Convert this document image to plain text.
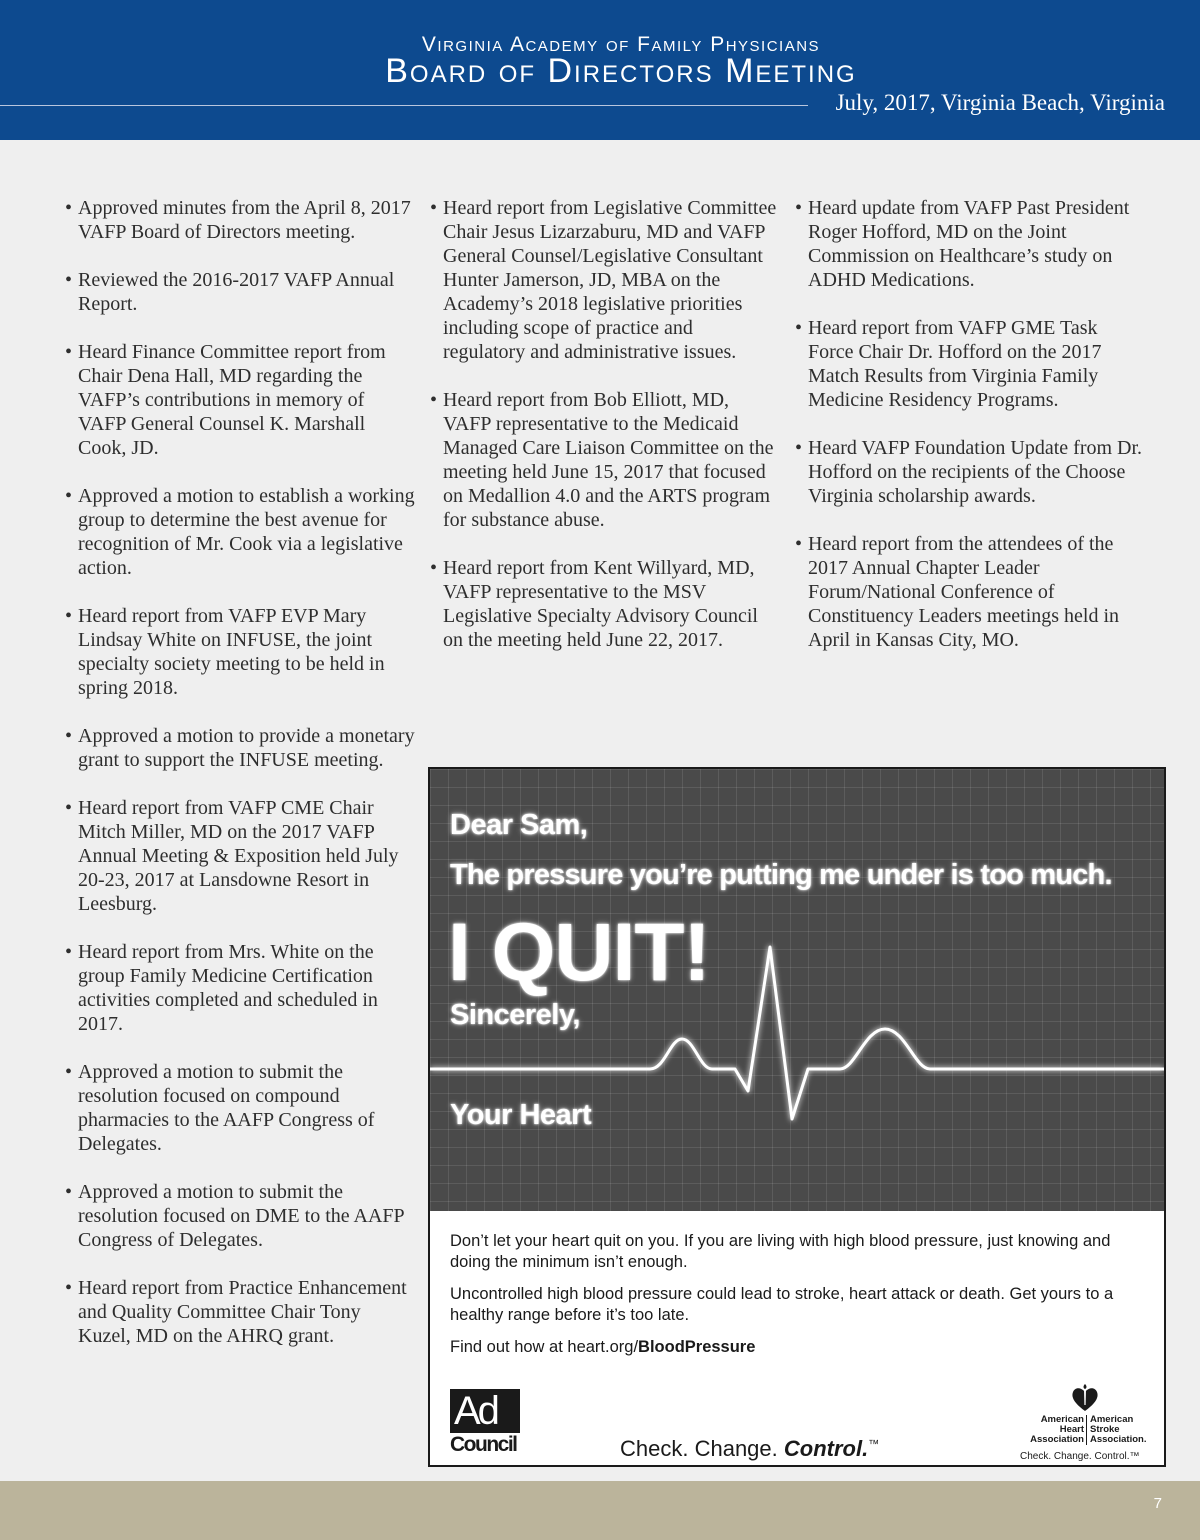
Virginia Academy of Family Physicians
Board of Directors Meeting
July, 2017, Virginia Beach, Virginia
• Approved minutes from the April 8, 2017 VAFP Board of Directors meeting.
• Reviewed the 2016-2017 VAFP Annual Report.
• Heard Finance Committee report from Chair Dena Hall, MD regarding the VAFP’s contributions in memory of VAFP General Counsel K. Marshall Cook, JD.
• Approved a motion to establish a working group to determine the best avenue for recognition of Mr. Cook via a legislative action.
• Heard report from VAFP EVP Mary Lindsay White on INFUSE, the joint specialty society meeting to be held in spring 2018.
• Approved a motion to provide a monetary grant to support the INFUSE meeting.
• Heard report from VAFP CME Chair Mitch Miller, MD on the 2017 VAFP Annual Meeting & Exposition held July 20-23, 2017 at Lansdowne Resort in Leesburg.
• Heard report from Mrs. White on the group Family Medicine Certification activities completed and scheduled in 2017.
• Approved a motion to submit the resolution focused on compound pharmacies to the AAFP Congress of Delegates.
• Approved a motion to submit the resolution focused on DME to the AAFP Congress of Delegates.
• Heard report from Practice Enhancement and Quality Committee Chair Tony Kuzel, MD on the AHRQ grant.
• Heard report from Legislative Committee Chair Jesus Lizarzaburu, MD and VAFP General Counsel/Legislative Consultant Hunter Jamerson, JD, MBA on the Academy’s 2018 legislative priorities including scope of practice and regulatory and administrative issues.
• Heard report from Bob Elliott, MD, VAFP representative to the Medicaid Managed Care Liaison Committee on the meeting held June 15, 2017 that focused on Medallion 4.0 and the ARTS program for substance abuse.
• Heard report from Kent Willyard, MD, VAFP representative to the MSV Legislative Specialty Advisory Council on the meeting held June 22, 2017.
• Heard update from VAFP Past President Roger Hofford, MD on the Joint Commission on Healthcare’s study on ADHD Medications.
• Heard report from VAFP GME Task Force Chair Dr. Hofford on the 2017 Match Results from Virginia Family Medicine Residency Programs.
• Heard VAFP Foundation Update from Dr. Hofford on the recipients of the Choose Virginia scholarship awards.
• Heard report from the attendees of the 2017 Annual Chapter Leader Forum/National Conference of Constituency Leaders meetings held in April in Kansas City, MO.
Dear Sam,
The pressure you’re putting me under is too much.
I QUIT!
Sincerely,
Your Heart

Don’t let your heart quit on you. If you are living with high blood pressure, just knowing and doing the minimum isn’t enough.

Uncontrolled high blood pressure could lead to stroke, heart attack or death. Get yours to a healthy range before it’s too late.

Find out how at heart.org/BloodPressure

Ad
Council	Check. Change. Control.™
American Heart Association
American Stroke Association.
Check. Change. Control.™
7
